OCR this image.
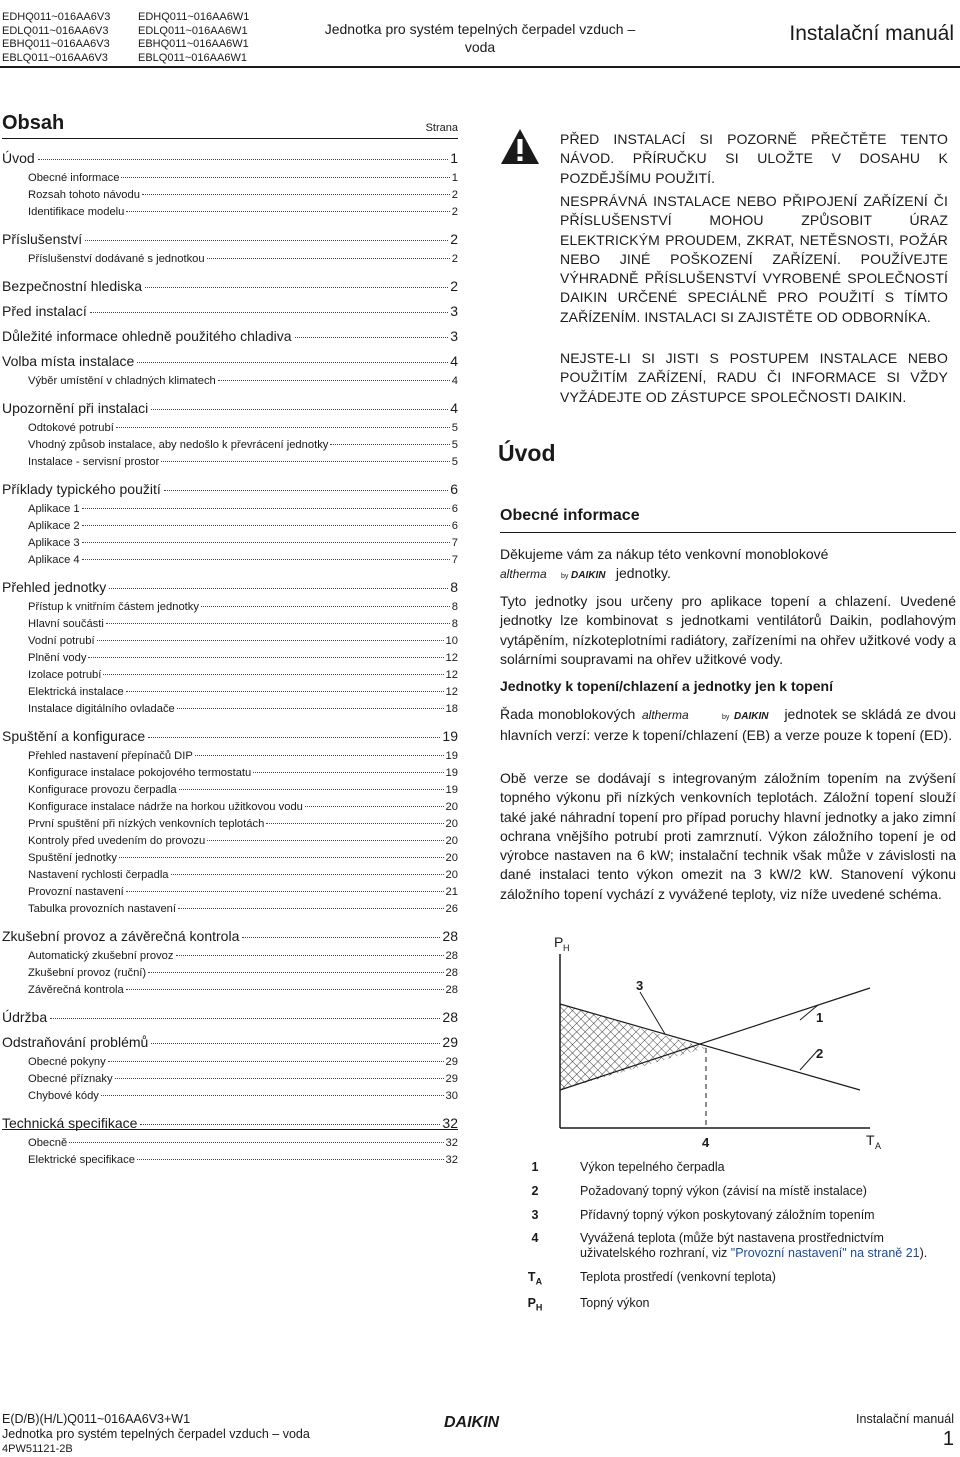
EDHQ011~016AA6V3
EDLQ011~016AA6V3
EBHQ011~016AA6V3
EBLQ011~016AA6V3
EDHQ011~016AA6W1
EDLQ011~016AA6W1
EBHQ011~016AA6W1
EBLQ011~016AA6W1
Jednotka pro systém tepelných čerpadel vzduch –
voda
Instalační manuál
Obsah	Strana
Úvod	1
Obecné informace	1
Rozsah tohoto návodu	2
Identifikace modelu	2
Příslušenství	2
Příslušenství dodávané s jednotkou	2
Bezpečnostní hlediska	2
Před instalací	3
Důležité informace ohledně použitého chladiva	3
Volba místa instalace	4
Výběr umístění v chladných klimatech	4
Upozornění při instalaci	4
Odtokové potrubí	5
Vhodný způsob instalace, aby nedošlo k převrácení jednotky	5
Instalace - servisní prostor	5
Příklady typického použití	6
Aplikace 1	6
Aplikace 2	6
Aplikace 3	7
Aplikace 4	7
Přehled jednotky	8
Přístup k vnitřním částem jednotky	8
Hlavní součásti	8
Vodní potrubí	10
Plnění vody	12
Izolace potrubí	12
Elektrická instalace	12
Instalace digitálního ovladače	18
Spuštění a konfigurace	19
Přehled nastavení přepínačů DIP	19
Konfigurace instalace pokojového termostatu	19
Konfigurace provozu čerpadla	19
Konfigurace instalace nádrže na horkou užitkovou vodu	20
První spuštění při nízkých venkovních teplotách	20
Kontroly před uvedením do provozu	20
Spuštění jednotky	20
Nastavení rychlosti čerpadla	20
Provozní nastavení	21
Tabulka provozních nastavení	26
Zkušební provoz a závěrečná kontrola	28
Automatický zkušební provoz	28
Zkušební provoz (ruční)	28
Závěrečná kontrola	28
Údržba	28
Odstraňování problémů	29
Obecné pokyny	29
Obecné příznaky	29
Chybové kódy	30
Technická specifikace	32
Obecně	32
Elektrické specifikace	32
PŘED INSTALACÍ SI POZORNĚ PŘEČTĚTE TENTO NÁVOD. PŘÍRUČKU SI ULOŽTE V DOSAHU K POZDĚJŠÍMU POUŽITÍ.
NESPRÁVNÁ INSTALACE NEBO PŘIPOJENÍ ZAŘÍZENÍ ČI PŘÍSLUŠENSTVÍ MOHOU ZPŮSOBIT ÚRAZ ELEKTRICKÝM PROUDEM, ZKRAT, NETĚSNOSTI, POŽÁR NEBO JINÉ POŠKOZENÍ ZAŘÍZENÍ. POUŽÍVEJTE VÝHRADNĚ PŘÍSLUŠENSTVÍ VYROBENÉ SPOLEČNOSTÍ DAIKIN URČENÉ SPECIÁLNĚ PRO POUŽITÍ S TÍMTO ZAŘÍZENÍM. INSTALACI SI ZAJISTĚTE OD ODBORNÍKA.
NEJSTE-LI SI JISTI S POSTUPEM INSTALACE NEBO POUŽITÍM ZAŘÍZENÍ, RADU ČI INFORMACE SI VŽDY VYŽÁDEJTE OD ZÁSTUPCE SPOLEČNOSTI DAIKIN.
Úvod
Obecné informace
Děkujeme vám za nákup této venkovní monoblokové

altherma by DAIKIN jednotky.
Tyto jednotky jsou určeny pro aplikace topení a chlazení. Uvedené jednotky lze kombinovat s jednotkami ventilátorů Daikin, podlahovým vytápěním, nízkoteplotními radiátory, zařízeními na ohřev užitkové vody a solárními soupravami na ohřev užitkové vody.
Jednotky k topení/chlazení a jednotky jen k topení
Řada monoblokových altherma	by DAIKIN jednotek se skládá ze dvou hlavních verzí: verze k topení/chlazení (EB) a verze pouze k topení (ED).
Obě verze se dodávají s integrovaným záložním topením na zvýšení topného výkonu při nízkých venkovních teplotách. Záložní topení slouží také jaké náhradní topení pro případ poruchy hlavní jednotky a jako zimní ochrana vnějšího potrubí proti zamrznutí. Výkon záložního topení je od výrobce nastaven na 6 kW; instalační technik však může v závislosti na dané instalaci tento výkon omezit na 3 kW/2 kW. Stanovení výkonu záložního topení vychází z vyvážené teploty, viz níže uvedené schéma.
P H
T A
3
1
2
4
1	Výkon tepelného čerpadla
2	Požadovaný topný výkon (závisí na místě instalace)
3	Přídavný topný výkon poskytovaný záložním topením
4	Vyvážená teplota (může být nastavena prostřednictvím
uživatelského rozhraní, viz "Provozní nastavení" na straně 21).
$T_A$	Teplota prostředí (venkovní teplota)
$P_H$	Topný výkon
E(D/B)(H/L)Q011~016AA6V3+W1
Jednotka pro systém tepelných čerpadel vzduch – voda
4PW51121-2B
DAIKIN	Instalační manuál
1
